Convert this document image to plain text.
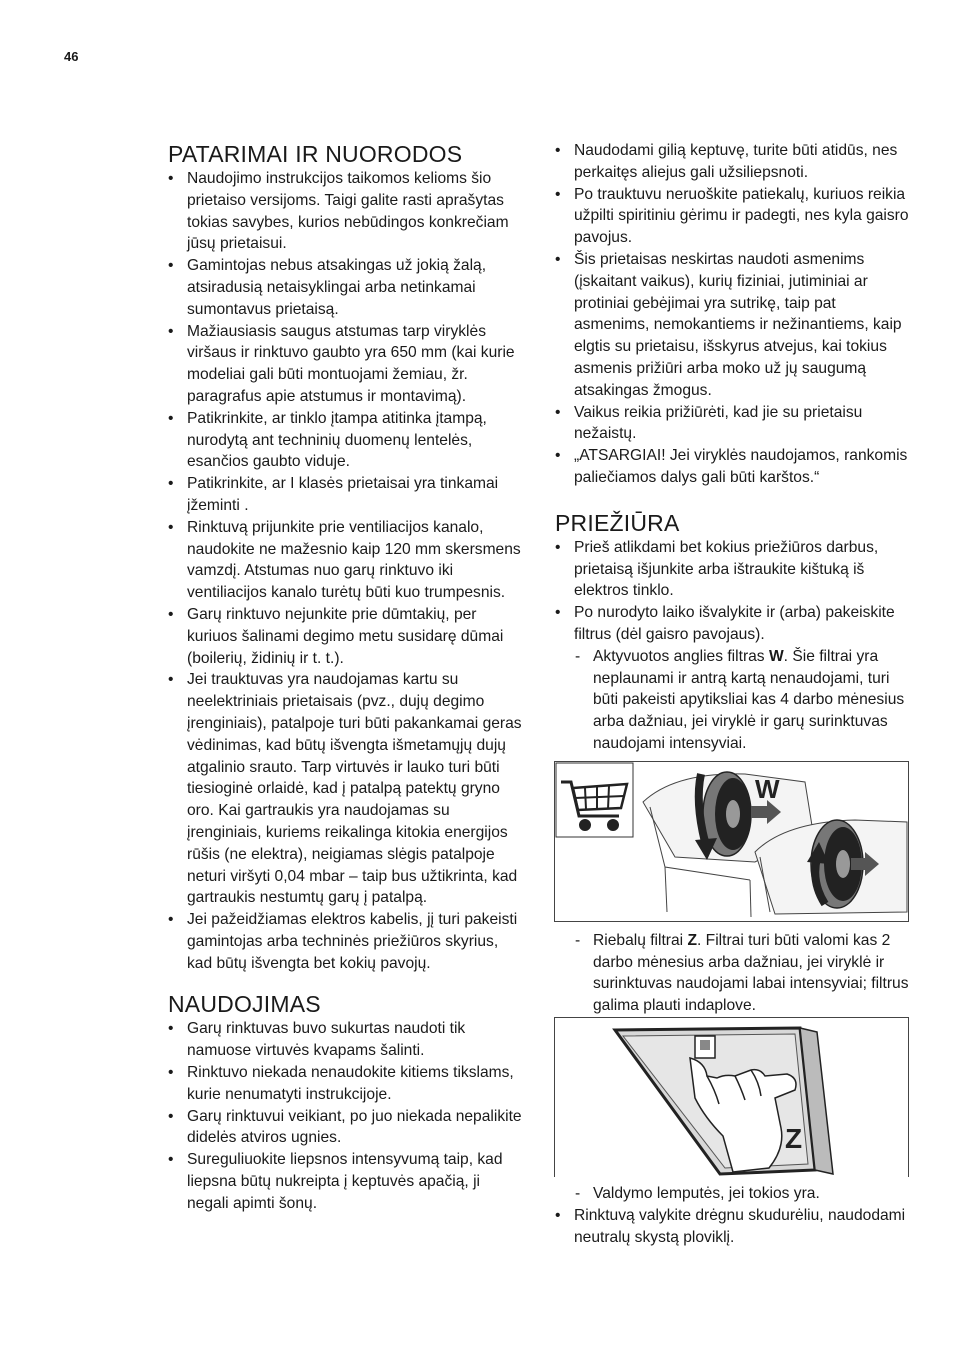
46
PATARIMAI IR NUORODOS
• Naudojimo instrukcijos taikomos kelioms šio prietaiso versijoms. Taigi galite rasti aprašytas tokias savybes, kurios nebūdingos konkrečiam jūsų prietaisui.
• Gamintojas nebus atsakingas už jokią žalą, atsiradusią netaisyklingai arba netinkamai sumontavus prietaisą.
• Mažiausiasis saugus atstumas tarp viryklės viršaus ir rinktuvo gaubto yra 650 mm (kai kurie modeliai gali būti montuojami žemiau, žr. paragrafus apie atstumus ir montavimą).
• Patikrinkite, ar tinklo įtampa atitinka įtampą, nurodytą ant techninių duomenų lentelės, esančios gaubto viduje.
• Patikrinkite, ar I klasės prietaisai yra tinkamai įžeminti .
• Rinktuvą prijunkite prie ventiliacijos kanalo, naudokite ne mažesnio kaip 120 mm skersmens vamzdį. Atstumas nuo garų rinktuvo iki ventiliacijos kanalo turėtų būti kuo trumpesnis.
• Garų rinktuvo nejunkite prie dūmtakių, per kuriuos šalinami degimo metu susidarę dūmai (boilerių, židinių ir t. t.).
• Jei trauktuvas yra naudojamas kartu su neelektriniais prietaisais (pvz., dujų degimo įrenginiais), patalpoje turi būti pakankamai geras vėdinimas, kad būtų išvengta išmetamųjų dujų atgalinio srauto. Tarp virtuvės ir lauko turi būti tiesioginė orlaidė, kad į patalpą patektų gryno oro. Kai gartraukis yra naudojamas su įrenginiais, kuriems reikalinga kitokia energijos rūšis (ne elektra), neigiamas slėgis patalpoje neturi viršyti 0,04 mbar – taip bus užtikrinta, kad gartraukis nestumtų garų į patalpą.
• Jei pažeidžiamas elektros kabelis, jį turi pakeisti gamintojas arba techninės priežiūros skyrius, kad būtų išvengta bet kokių pavojų.
NAUDOJIMAS
• Garų rinktuvas buvo sukurtas naudoti tik namuose virtuvės kvapams šalinti.
• Rinktuvo niekada nenaudokite kitiems tikslams, kurie nenumatyti instrukcijoje.
• Garų rinktuvui veikiant, po juo niekada nepalikite didelės atviros ugnies.
• Sureguliuokite liepsnos intensyvumą taip, kad liepsna būtų nukreipta į keptuvės apačią, ji negali apimti šonų.
• Naudodami gilią keptuvę, turite būti atidūs, nes perkaitęs aliejus gali užsiliepsnoti.
• Po trauktuvu neruoškite patiekalų, kuriuos reikia užpilti spiritiniu gėrimu ir padegti, nes kyla gaisro pavojus.
• Šis prietaisas neskirtas naudoti asmenims (įskaitant vaikus), kurių fiziniai, jutiminiai ar protiniai gebėjimai yra sutrikę, taip pat asmenims, nemokantiems ir nežinantiems, kaip elgtis su prietaisu, išskyrus atvejus, kai tokius asmenis prižiūri arba moko už jų saugumą atsakingas žmogus.
• Vaikus reikia prižiūrėti, kad jie su prietaisu nežaistų.
• „ATSARGIAI! Jei viryklės naudojamos, rankomis paliečiamos dalys gali būti karštos.“
PRIEŽIŪRA
• Prieš atlikdami bet kokius priežiūros darbus, prietaisą išjunkite arba ištraukite kištuką iš elektros tinklo.
• Po nurodyto laiko išvalykite ir (arba) pakeiskite filtrus (dėl gaisro pavojaus).
- Aktyvuotos anglies filtras W. Šie filtrai yra neplaunami ir antrą kartą nenaudojami, turi būti pakeisti apytiksliai kas 4 darbo mėnesius arba dažniau, jei viryklė ir garų surinktuvas naudojami intensyviai.
W
- Riebalų filtrai Z. Filtrai turi būti valomi kas 2 darbo mėnesius arba dažniau, jei viryklė ir surinktuvas naudojami labai intensyviai; filtrus galima plauti indaplove.
Z
- Valdymo lemputės, jei tokios yra.
• Rinktuvą valykite drėgnu skudurėliu, naudodami neutralų skystą ploviklį.
